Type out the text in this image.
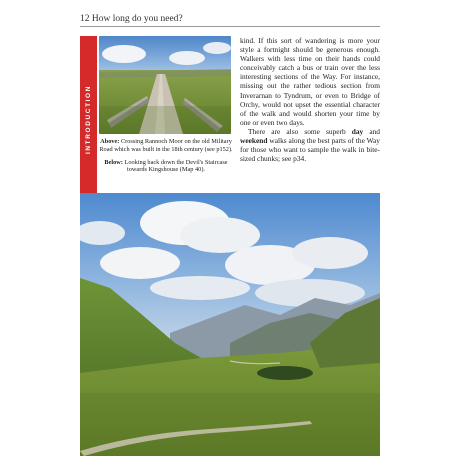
12 How long do you need?
INTRODUCTION Above: Crossing Rannoch Moor on the old Military Road which was built in the 18th century (see p152).

Below: Looking back down the Devil's Staircase towards Kingshouse (Map 40).

kind. If this sort of wandering is more your style a fortnight should be generous enough. Walkers with less time on their hands could conceivably catch a bus or train over the less interesting sections of the Way. For instance, missing out the rather tedious section from Inverarnan to Tyndrum, or even to Bridge of Orchy, would not upset the essential character of the walk and would shorten your time by one or even two days.

There are also some superb day and weekend walks along the best parts of the Way for those who want to sample the walk in bite-sized chunks; see p34.
